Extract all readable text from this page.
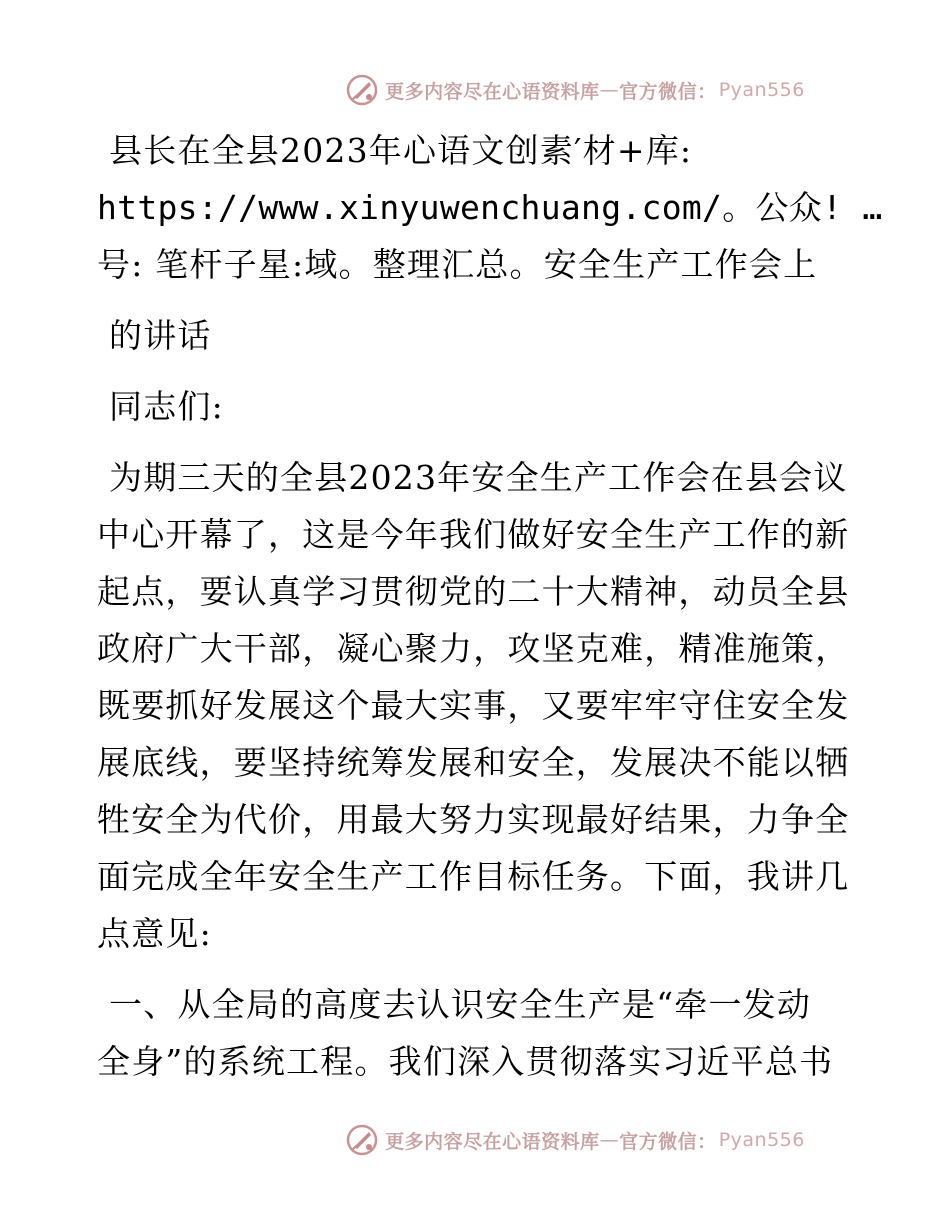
更多内容尽在心语资料库 — 官方微信： Pyan556
县长在全县2023年心语文创素′材+库:
https://www.xinyuwenchuang.com/。公众! …
号: 笔杆子星:域。整理汇总。安全生产工作会上
的讲话
同志们:
为期三天的全县2023年安全生产工作会在县会议
中心开幕了，这是今年我们做好安全生产工作的新
起点，要认真学习贯彻党的二十大精神，动员全县
政府广大干部，凝心聚力，攻坚克难，精准施策，
既要抓好发展这个最大实事，又要牢牢守住安全发
展底线，要坚持统筹发展和安全，发展决不能以牺
牲安全为代价，用最大努力实现最好结果，力争全
面完成全年安全生产工作目标任务。下面，我讲几
点意见:
一、从全局的高度去认识安全生产是“牵一发动
全身”的系统工程。我们深入贯彻落实习近平总书
更多内容尽在心语资料库 — 官方微信： Pyan556
